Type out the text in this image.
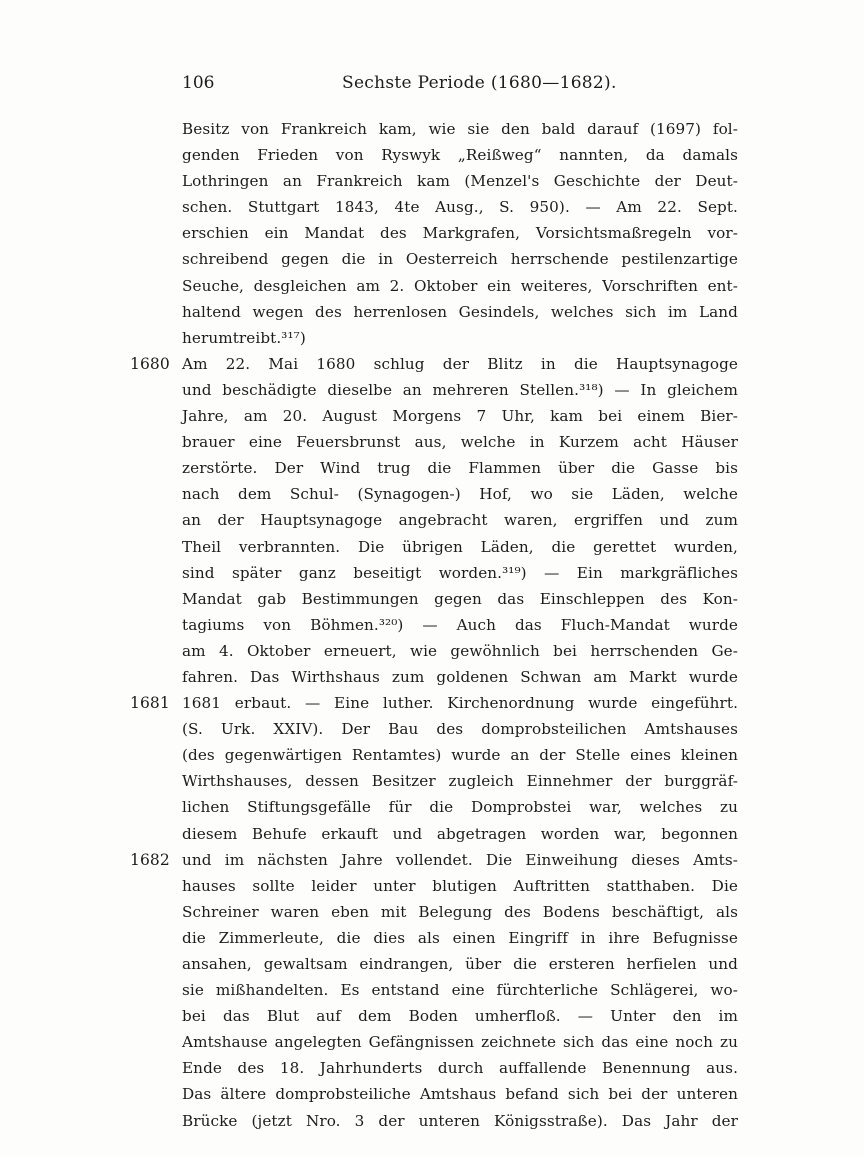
106	Sechste Periode (1680—1682).
Besitz von Frankreich kam, wie sie den bald darauf (1697) fol-
genden Frieden von Ryswyk „Reißweg“ nannten, da damals
Lothringen an Frankreich kam (Menzel's Geschichte der Deut-
schen. Stuttgart 1843, 4te Ausg., S. 950). — Am 22. Sept.
erschien ein Mandat des Markgrafen, Vorsichtsmaßregeln vor-
schreibend gegen die in Oesterreich herrschende pestilenzartige
Seuche, desgleichen am 2. Oktober ein weiteres, Vorschriften ent-
haltend wegen des herrenlosen Gesindels, welches sich im Land
herumtreibt.³¹⁷)
1680 Am 22. Mai 1680 schlug der Blitz in die Hauptsynagoge
und beschädigte dieselbe an mehreren Stellen.³¹⁸) — In gleichem
Jahre, am 20. August Morgens 7 Uhr, kam bei einem Bier-
brauer eine Feuersbrunst aus, welche in Kurzem acht Häuser
zerstörte. Der Wind trug die Flammen über die Gasse bis
nach dem Schul- (Synagogen-) Hof, wo sie Läden, welche
an der Hauptsynagoge angebracht waren, ergriffen und zum
Theil verbrannten. Die übrigen Läden, die gerettet wurden,
sind später ganz beseitigt worden.³¹⁹) — Ein markgräfliches
Mandat gab Bestimmungen gegen das Einschleppen des Kon-
tagiums von Böhmen.³²⁰) — Auch das Fluch-Mandat wurde
am 4. Oktober erneuert, wie gewöhnlich bei herrschenden Ge-
fahren. Das Wirthshaus zum goldenen Schwan am Markt wurde
1681 1681 erbaut. — Eine luther. Kirchenordnung wurde eingeführt.
(S. Urk. XXIV). Der Bau des domprobsteilichen Amtshauses
(des gegenwärtigen Rentamtes) wurde an der Stelle eines kleinen
Wirthshauses, dessen Besitzer zugleich Einnehmer der burggräf-
lichen Stiftungsgefälle für die Domprobstei war, welches zu
diesem Behufe erkauft und abgetragen worden war, begonnen
1682 und im nächsten Jahre vollendet. Die Einweihung dieses Amts-
hauses sollte leider unter blutigen Auftritten statthaben. Die
Schreiner waren eben mit Belegung des Bodens beschäftigt, als
die Zimmerleute, die dies als einen Eingriff in ihre Befugnisse
ansahen, gewaltsam eindrangen, über die ersteren herfielen und
sie mißhandelten. Es entstand eine fürchterliche Schlägerei, wo-
bei das Blut auf dem Boden umherfloß. — Unter den im
Amtshause angelegten Gefängnissen zeichnete sich das eine noch zu
Ende des 18. Jahrhunderts durch auffallende Benennung aus.
Das ältere domprobsteiliche Amtshaus befand sich bei der unteren
Brücke (jetzt Nro. 3 der unteren Königsstraße). Das Jahr der
